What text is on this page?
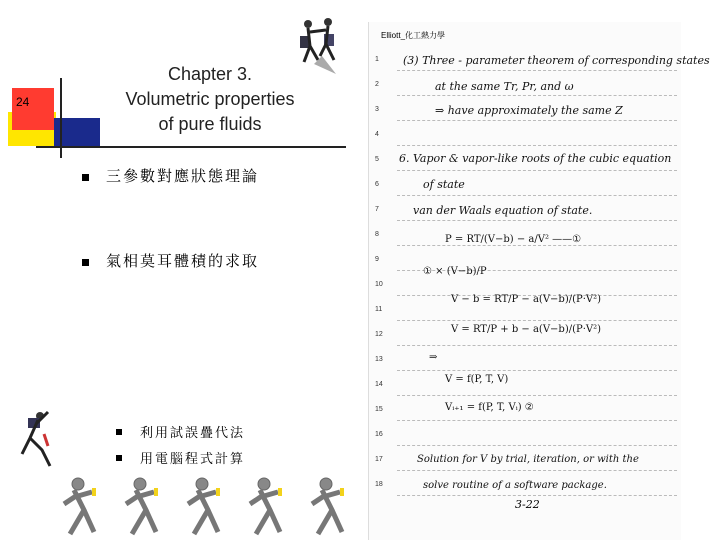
24
Chapter 3.
Volumetric properties
of pure fluids
三參數對應狀態理論
氣相莫耳體積的求取
利用試誤疊代法
用電腦程式計算
Elliott_化工熱力學
1
2
3
4
5
6
7
8
9
10
11
12
13
14
15
16
17
18
(3) Three - parameter theorem of corresponding states
at the same Tr, Pr, and ω
⇒ have approximately the same Z
6. Vapor & vapor-like roots of the cubic equation
of state
van der Waals equation of state.
P = RT/(V−b) − a/V² ——①
① × (V−b)/P
V − b = RT/P − a(V−b)/(P·V²)
V = RT/P + b − a(V−b)/(P·V²)
⇒
V = f(P, T, V)
Vᵢ₊₁ = f(P, T, Vᵢ) ②
Solution for V by trial, iteration, or with the
solve routine of a software package.
3-22
